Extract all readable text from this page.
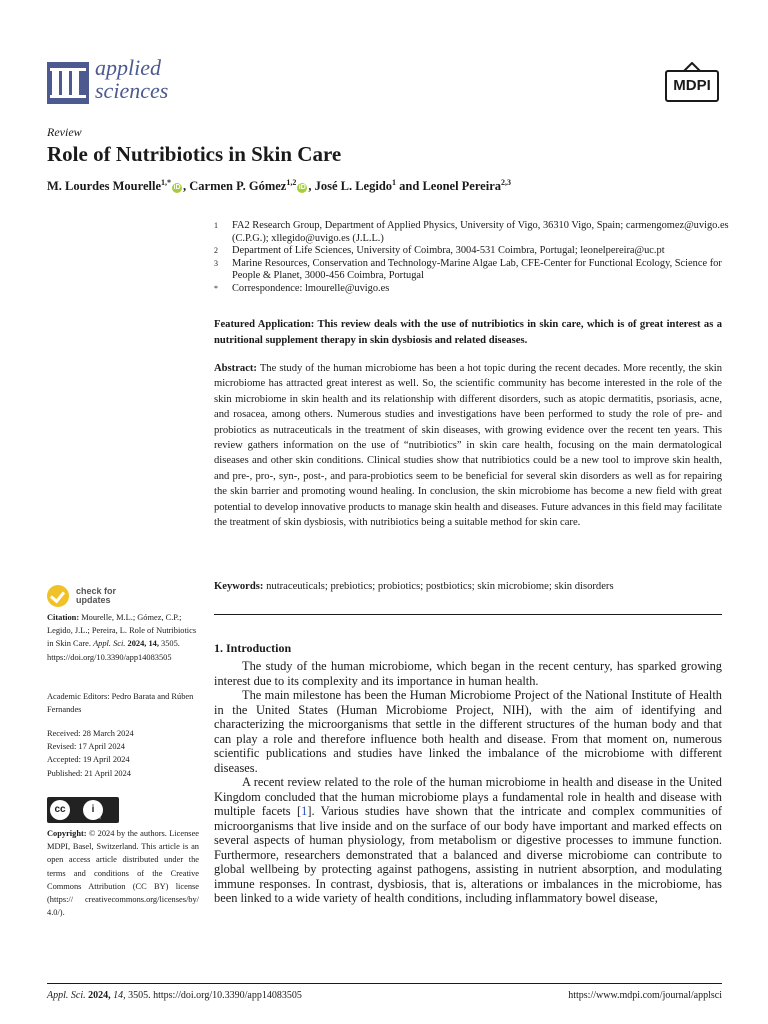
applied
sciences	MDPI
Review
Role of Nutribiotics in Skin Care
M. Lourdes Mourelle$^{1,*}$iD , Carmen P. Gómez$^{1,2}$iD , José L. Legido$^1$ and Leonel Pereira$^{2,3}$
1	FA2 Research Group, Department of Applied Physics, University of Vigo, 36310 Vigo, Spain; carmengomez@uvigo.es (C.P.G.); xllegido@uvigo.es (J.L.L.)
2	Department of Life Sciences, University of Coimbra, 3004-531 Coimbra, Portugal; leonelpereira@uc.pt
3	Marine Resources, Conservation and Technology-Marine Algae Lab, CFE-Center for Functional Ecology, Science for People & Planet, 3000-456 Coimbra, Portugal
*	Correspondence: lmourelle@uvigo.es
Featured Application: This review deals with the use of nutribiotics in skin care, which is of great interest as a nutritional supplement therapy in skin dysbiosis and related diseases.
Abstract: The study of the human microbiome has been a hot topic during the recent decades. More recently, the skin microbiome has attracted great interest as well. So, the scientific community has become interested in the role of the skin microbiome in skin health and its relationship with different disorders, such as atopic dermatitis, psoriasis, acne, and rosacea, among others. Numerous studies and investigations have been performed to study the role of pre- and probiotics as nutraceuticals in the treatment of skin diseases, with growing evidence over the recent ten years. This review gathers information on the use of “nutribiotics” in skin care health, focusing on the main dermatological diseases and other skin conditions. Clinical studies show that nutribiotics could be a new tool to improve skin health, and pre-, pro-, syn-, post-, and para-probiotics seem to be beneficial for several skin disorders as well as for repairing the skin barrier and promoting wound healing. In conclusion, the skin microbiome has become a new field with great potential to develop innovative products to manage skin health and diseases. Future advances in this field may facilitate the treatment of skin dysbiosis, with nutribiotics being a suitable method for skin care.
Keywords: nutraceuticals; prebiotics; probiotics; postbiotics; skin microbiome; skin disorders
check for
updates
Citation: Mourelle, M.L.; Gómez, C.P.; Legido, J.L.; Pereira, L. Role of Nutribiotics in Skin Care. Appl. Sci. 2024, 14, 3505. https://doi.org/10.3390/app14083505
Academic Editors: Pedro Barata and Rúben Fernandes
Received: 28 March 2024
Revised: 17 April 2024
Accepted: 19 April 2024
Published: 21 April 2024
cc	i
BY
Copyright: © 2024 by the authors. Licensee MDPI, Basel, Switzerland. This article is an open access article distributed under the terms and conditions of the Creative Commons Attribution (CC BY) license (https:// creativecommons.org/licenses/by/ 4.0/).
1. Introduction

The study of the human microbiome, which began in the recent century, has sparked growing interest due to its complexity and its importance in human health.

The main milestone has been the Human Microbiome Project of the National Institute of Health in the United States (Human Microbiome Project, NIH), with the aim of identifying and characterizing the microorganisms that settle in the different structures of the human body and that can play a role and therefore influence both health and disease. From that moment on, numerous scientific publications and studies have linked the imbalance of the microbiome with different diseases.

A recent review related to the role of the human microbiome in health and disease in the United Kingdom concluded that the human microbiome plays a fundamental role in health and disease with multiple facets [1]. Various studies have shown that the intricate and complex communities of microorganisms that live inside and on the surface of our body have important and marked effects on several aspects of human physiology, from metabolism or digestive processes to immune function. Furthermore, researchers demonstrated that a balanced and diverse microbiome can contribute to global wellbeing by protecting against pathogens, assisting in nutrient absorption, and modulating immune responses. In contrast, dysbiosis, that is, alterations or imbalances in the microbiome, has been linked to a wide variety of health conditions, including inflammatory bowel disease,

Appl. Sci. 2024, 14, 3505. https://doi.org/10.3390/app14083505	https://www.mdpi.com/journal/applsci
